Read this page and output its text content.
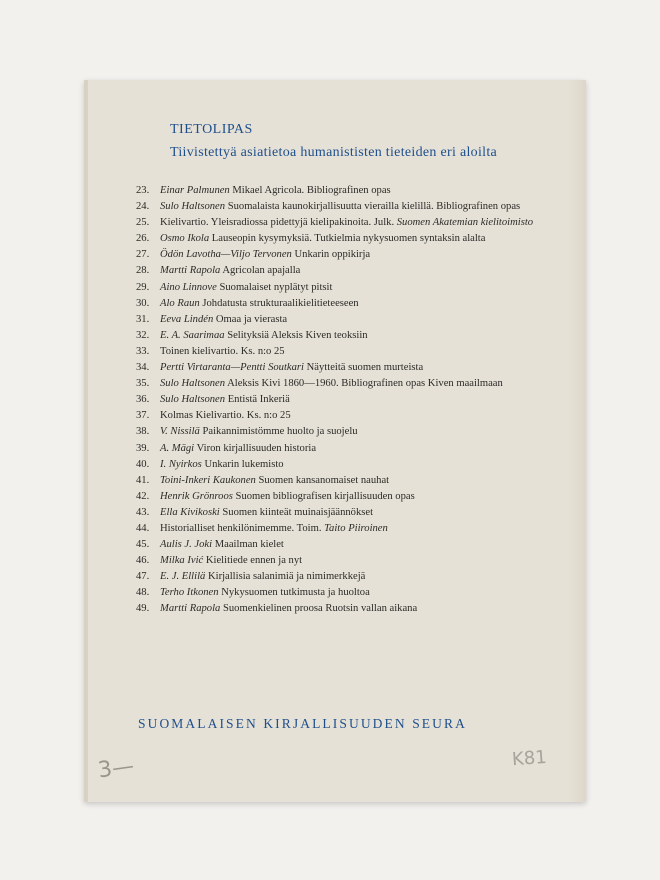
TIETOLIPAS
Tiivistettyä asiatietoa humanististen tieteiden eri aloilta
23.	Einar Palmunen Mikael Agricola. Bibliografinen opas
24.	Sulo Haltsonen Suomalaista kaunokirjallisuutta vierailla kielillä. Bibliografinen opas
25.	Kielivartio. Yleisradiossa pidettyjä kielipakinoita. Julk. Suomen Akatemian kielitoimisto
26.	Osmo Ikola Lauseopin kysymyksiä. Tutkielmia nykysuomen syntaksin alalta
27.	Ödön Lavotha—Viljo Tervonen Unkarin oppikirja
28.	Martti Rapola Agricolan apajalla
29.	Aino Linnove Suomalaiset nyplätyt pitsit
30.	Alo Raun Johdatusta strukturaalikielitieteeseen
31.	Eeva Lindén Omaa ja vierasta
32.	E. A. Saarimaa Selityksiä Aleksis Kiven teoksiin
33.	Toinen kielivartio. Ks. n:o 25
34.	Pertti Virtaranta—Pentti Soutkari Näytteitä suomen murteista
35.	Sulo Haltsonen Aleksis Kivi 1860—1960. Bibliografinen opas Kiven maailmaan
36.	Sulo Haltsonen Entistä Inkeriä
37.	Kolmas Kielivartio. Ks. n:o 25
38.	V. Nissilä Paikannimistömme huolto ja suojelu
39.	A. Mägi Viron kirjallisuuden historia
40.	I. Nyirkos Unkarin lukemisto
41.	Toini-Inkeri Kaukonen Suomen kansanomaiset nauhat
42.	Henrik Grönroos Suomen bibliografisen kirjallisuuden opas
43.	Ella Kivikoski Suomen kiinteät muinaisjäännökset
44.	Historialliset henkilönimemme. Toim. Taito Piiroinen
45.	Aulis J. Joki Maailman kielet
46.	Milka Ivić Kielitiede ennen ja nyt
47.	E. J. Ellilä Kirjallisia salanimiä ja nimimerkkejä
48.	Terho Itkonen Nykysuomen tutkimusta ja huoltoa
49.	Martti Rapola Suomenkielinen proosa Ruotsin vallan aikana
SUOMALAISEN KIRJALLISUUDEN SEURA
3—	K81
